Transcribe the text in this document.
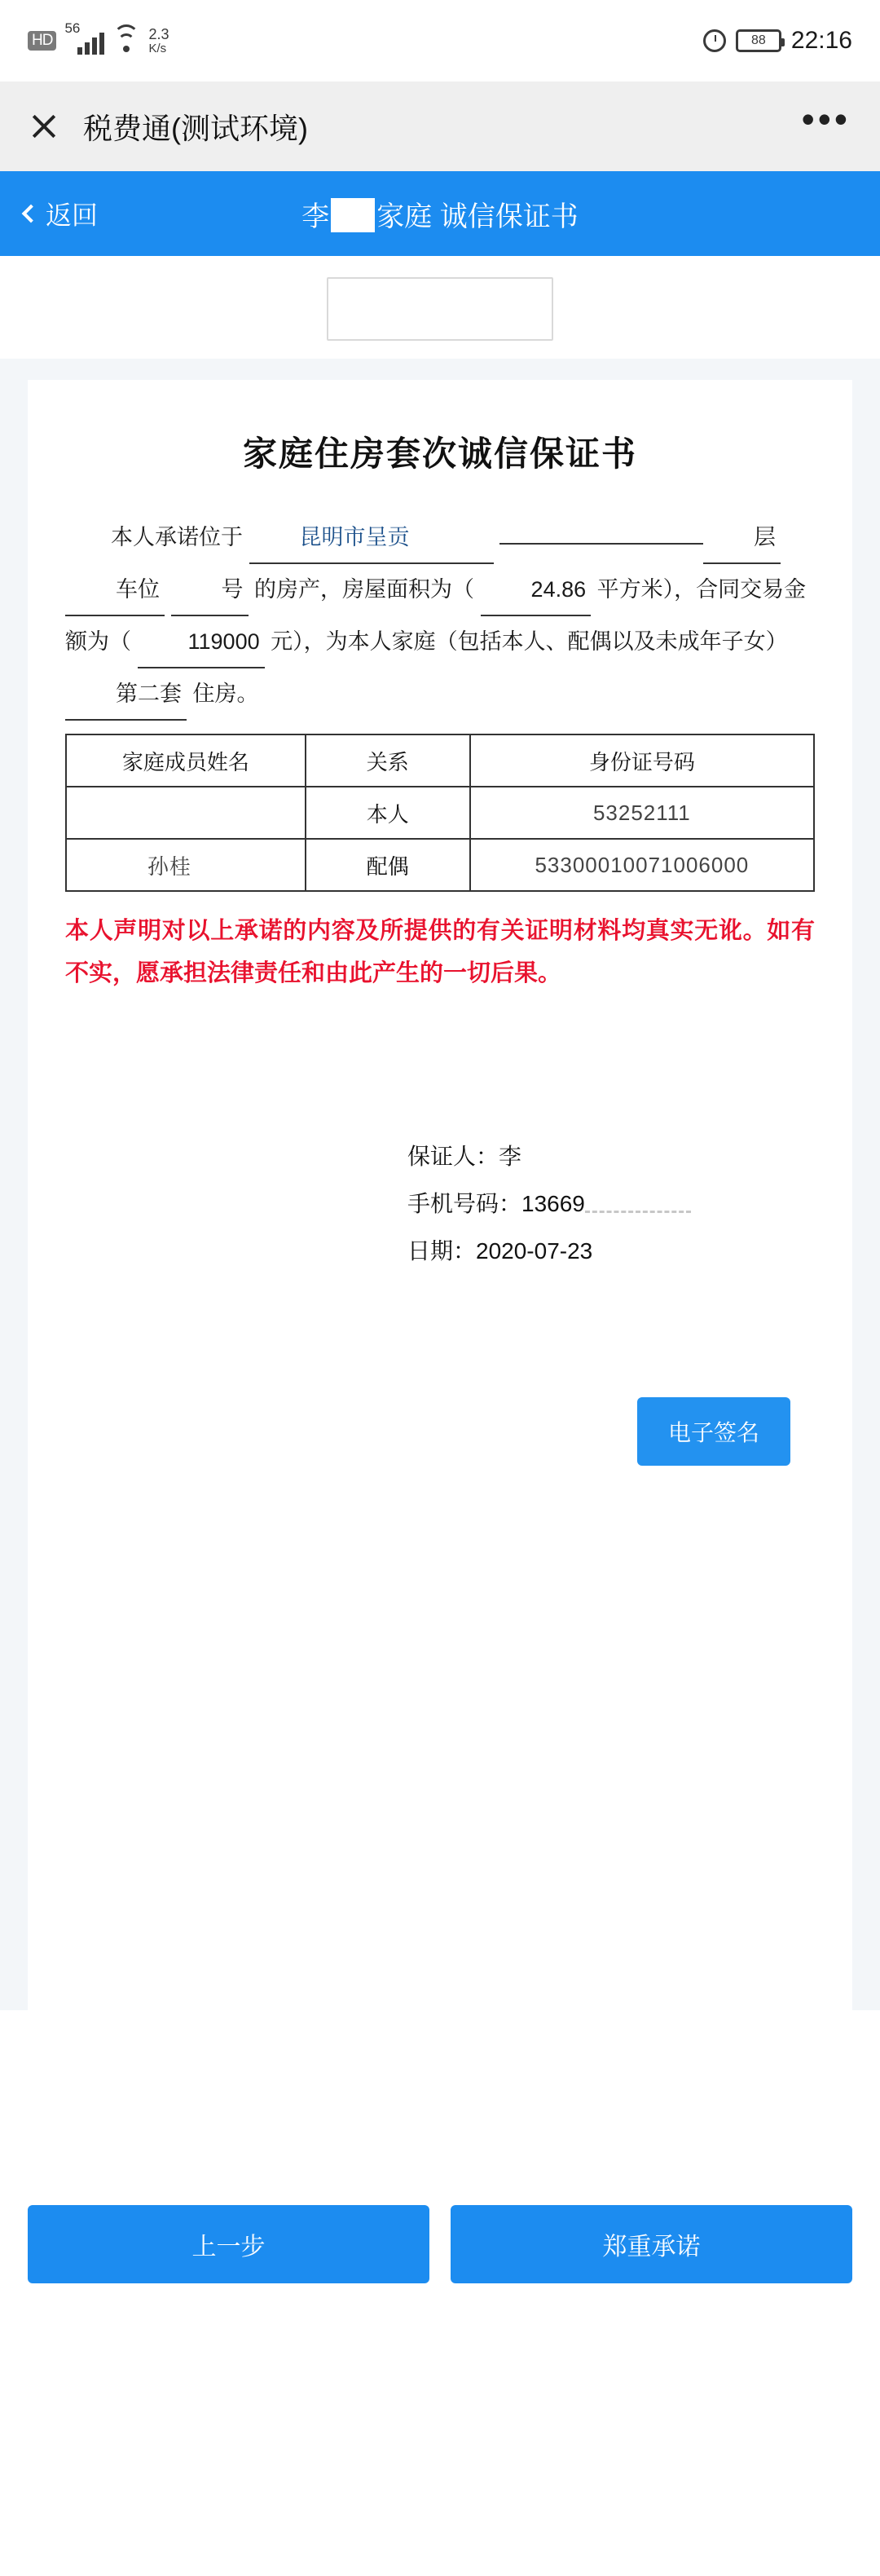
HD
56	2.3
K/s
88 22:16
税费通(测试环境)	•••
返回	李 家庭 诚信保证书
家庭住房套次诚信保证书
本人承诺位于	昆明市呈贡	层 车位	号 的房产，房屋面积为（	24.86 平方米），合同交易金额为（	119000 元），为本人家庭（包括本人、配偶以及未成年子女） 第二套 住房。
家庭成员姓名	关系	身份证号码
	本人	53252111
孙桂	配偶	53300010071006000
本人声明对以上承诺的内容及所提供的有关证明材料均真实无讹。如有不实，愿承担法律责任和由此产生的一切后果。
保证人：李
手机号码：13669
日期：2020-07-23
电子签名
上一步	郑重承诺
